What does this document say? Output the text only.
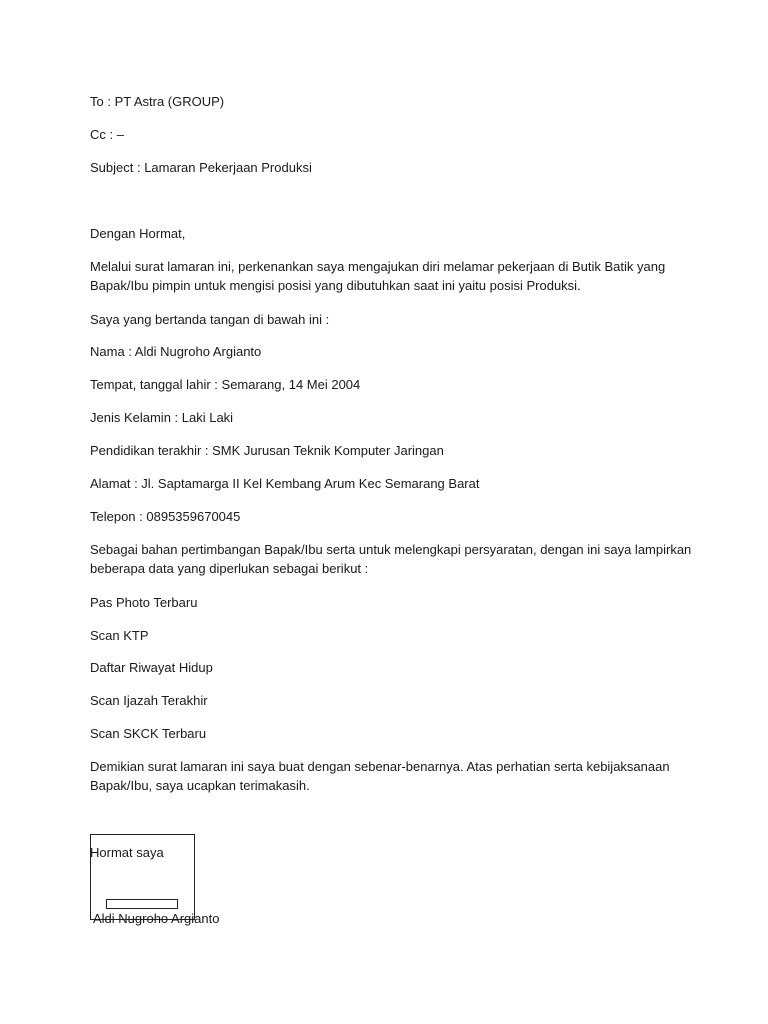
To : PT Astra (GROUP)
Cc : –
Subject : Lamaran Pekerjaan Produksi
Dengan Hormat,
Melalui surat lamaran ini, perkenankan saya mengajukan diri melamar pekerjaan di Butik Batik yang
Bapak/Ibu pimpin untuk mengisi posisi yang dibutuhkan saat ini yaitu posisi Produksi.
Saya yang bertanda tangan di bawah ini :
Nama : Aldi Nugroho Argianto
Tempat, tanggal lahir : Semarang, 14 Mei 2004
Jenis Kelamin : Laki Laki
Pendidikan terakhir : SMK Jurusan Teknik Komputer Jaringan
Alamat : Jl. Saptamarga II Kel Kembang Arum Kec Semarang Barat
Telepon : 0895359670045
Sebagai bahan pertimbangan Bapak/Ibu serta untuk melengkapi persyaratan, dengan ini saya lampirkan
beberapa data yang diperlukan sebagai berikut :
Pas Photo Terbaru
Scan KTP
Daftar Riwayat Hidup
Scan Ijazah Terakhir
Scan SKCK Terbaru
Demikian surat lamaran ini saya buat dengan sebenar-benarnya. Atas perhatian serta kebijaksanaan
Bapak/Ibu, saya ucapkan terimakasih.
Hormat saya
Aldi Nugroho Argianto
